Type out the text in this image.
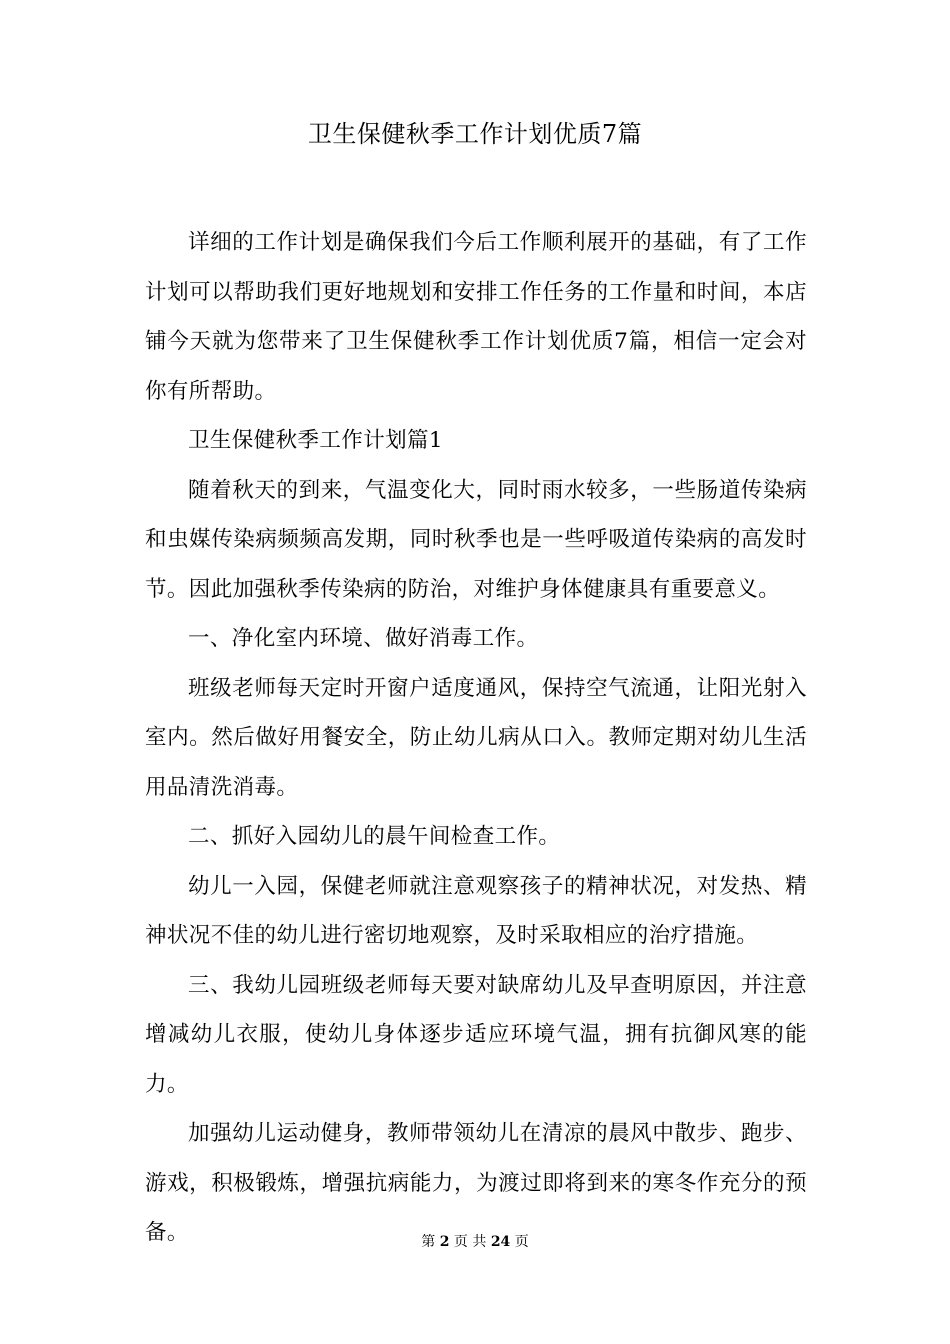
卫生保健秋季工作计划优质7篇

详细的工作计划是确保我们今后工作顺利展开的基础，有了工作计划可以帮助我们更好地规划和安排工作任务的工作量和时间，本店铺今天就为您带来了卫生保健秋季工作计划优质7篇，相信一定会对你有所帮助。

卫生保健秋季工作计划篇1

随着秋天的到来，气温变化大，同时雨水较多，一些肠道传染病和虫媒传染病频频高发期，同时秋季也是一些呼吸道传染病的高发时节。因此加强秋季传染病的防治，对维护身体健康具有重要意义。

一、净化室内环境、做好消毒工作。

班级老师每天定时开窗户适度通风，保持空气流通，让阳光射入室内。然后做好用餐安全，防止幼儿病从口入。教师定期对幼儿生活用品清洗消毒。

二、抓好入园幼儿的晨午间检查工作。

幼儿一入园，保健老师就注意观察孩子的精神状况，对发热、精神状况不佳的幼儿进行密切地观察，及时采取相应的治疗措施。

三、我幼儿园班级老师每天要对缺席幼儿及早查明原因，并注意增减幼儿衣服，使幼儿身体逐步适应环境气温，拥有抗御风寒的能力。

加强幼儿运动健身，教师带领幼儿在清凉的晨风中散步、跑步、游戏，积极锻炼，增强抗病能力，为渡过即将到来的寒冬作充分的预备。	第 2 页 共 24 页
